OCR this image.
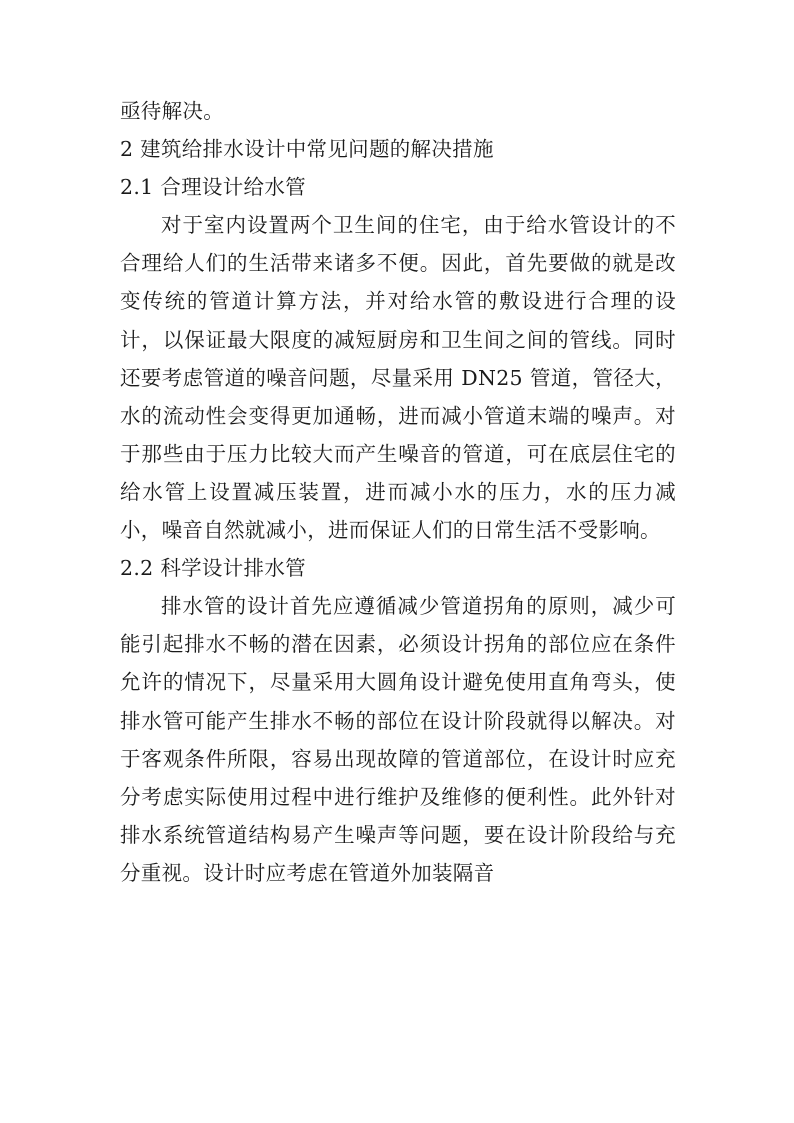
亟待解决。

2 建筑给排水设计中常见问题的解决措施

2.1 合理设计给水管

对于室内设置两个卫生间的住宅，由于给水管设计的不合理给人们的生活带来诸多不便。因此，首先要做的就是改变传统的管道计算方法，并对给水管的敷设进行合理的设计，以保证最大限度的减短厨房和卫生间之间的管线。同时还要考虑管道的噪音问题，尽量采用 DN25 管道，管径大，水的流动性会变得更加通畅，进而减小管道末端的噪声。对于那些由于压力比较大而产生噪音的管道，可在底层住宅的给水管上设置减压装置，进而减小水的压力，水的压力减小，噪音自然就减小，进而保证人们的日常生活不受影响。

2.2 科学设计排水管

排水管的设计首先应遵循减少管道拐角的原则，减少可能引起排水不畅的潜在因素，必须设计拐角的部位应在条件允许的情况下，尽量采用大圆角设计避免使用直角弯头，使排水管可能产生排水不畅的部位在设计阶段就得以解决。对于客观条件所限，容易出现故障的管道部位，在设计时应充分考虑实际使用过程中进行维护及维修的便利性。此外针对排水系统管道结构易产生噪声等问题，要在设计阶段给与充分重视。设计时应考虑在管道外加装隔音
